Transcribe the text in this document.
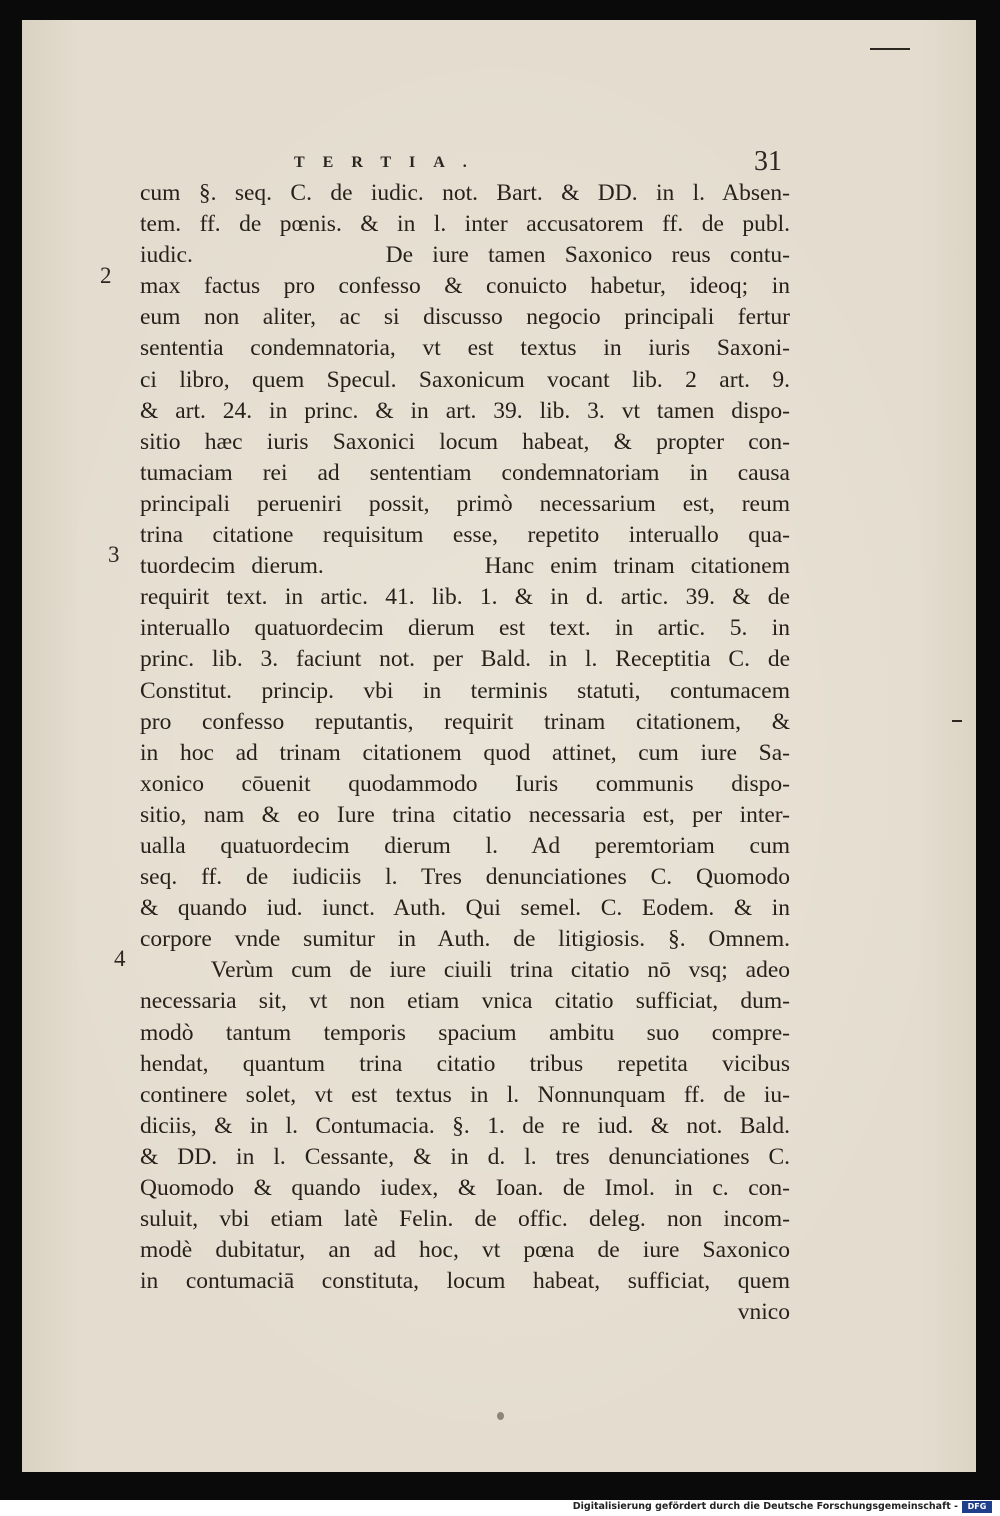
TERTIA.	31
2
3
4
cum §. seq. C. de iudic. not. Bart. & DD. in l. Absen-
tem. ff. de pœnis. & in l. inter accusatorem ff. de publ.
iudic.          De iure tamen Saxonico reus contu-
max factus pro confesso & conuicto habetur, ideoq; in
eum non aliter, ac si discusso negocio principali fertur
sententia condemnatoria, vt est textus in iuris Saxoni-
ci libro, quem Specul. Saxonicum vocant lib. 2 art. 9.
& art. 24. in princ. & in art. 39. lib. 3. vt tamen dispo-
sitio hæc iuris Saxonici locum habeat, & propter con-
tumaciam rei ad sententiam condemnatoriam in causa
principali perueniri possit, primò necessarium est, reum
trina citatione requisitum esse, repetito interuallo qua-
tuordecim dierum.          Hanc enim trinam citationem
requirit text. in artic. 41. lib. 1. & in d. artic. 39. & de
interuallo quatuordecim dierum est text. in artic. 5. in
princ. lib. 3. faciunt not. per Bald. in l. Receptitia C. de
Constitut. princip. vbi in terminis statuti, contumacem
pro confesso reputantis, requirit trinam citationem, &
in hoc ad trinam citationem quod attinet, cum iure Sa-
xonico cōuenit quodammodo Iuris communis dispo-
sitio, nam & eo Iure trina citatio necessaria est, per inter-
ualla quatuordecim dierum l. Ad peremtoriam cum
seq. ff. de iudiciis l. Tres denunciationes C. Quomodo
& quando iud. iunct. Auth. Qui semel. C. Eodem. & in
corpore vnde sumitur in Auth. de litigiosis. §. Omnem.
Verùm cum de iure ciuili trina citatio nō vsq; adeo
necessaria sit, vt non etiam vnica citatio sufficiat, dum-
modò tantum temporis spacium ambitu suo compre-
hendat, quantum trina citatio tribus repetita vicibus
continere solet, vt est textus in l. Nonnunquam ff. de iu-
diciis, & in l. Contumacia. §. 1. de re iud. & not. Bald.
& DD. in l. Cessante, & in d. l. tres denunciationes C.
Quomodo & quando iudex, & Ioan. de Imol. in c. con-
suluit, vbi etiam latè Felin. de offic. deleg. non incom-
modè dubitatur, an ad hoc, vt pœna de iure Saxonico
in contumaciā constituta, locum habeat, sufficiat, quem
vnico
Digitalisierung gefördert durch die Deutsche Forschungsgemeinschaft -	DFG
